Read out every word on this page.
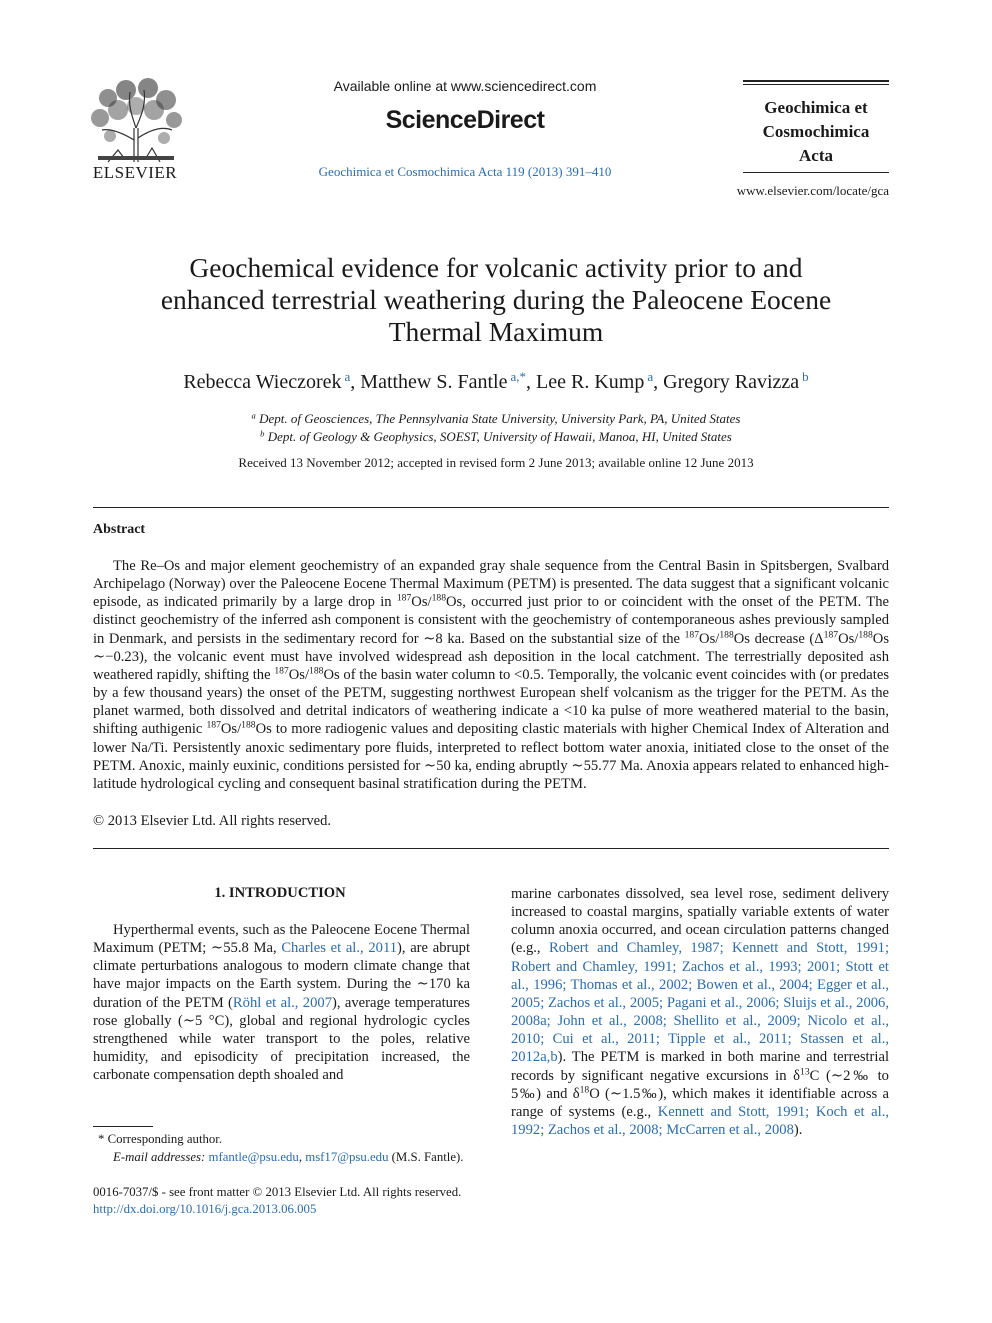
ELSEVIER
Available online at www.sciencedirect.com
ScienceDirect
Geochimica et Cosmochimica Acta 119 (2013) 391–410
Geochimica et
Cosmochimica
Acta
www.elsevier.com/locate/gca
Geochemical evidence for volcanic activity prior to and
enhanced terrestrial weathering during the Paleocene Eocene
Thermal Maximum
Rebecca Wieczorek $^a$, Matthew S. Fantle $^{a,*}$, Lee R. Kump $^a$, Gregory Ravizza $^b$
$^a$ Dept. of Geosciences, The Pennsylvania State University, University Park, PA, United States
$^b$ Dept. of Geology & Geophysics, SOEST, University of Hawaii, Manoa, HI, United States
Received 13 November 2012; accepted in revised form 2 June 2013; available online 12 June 2013
Abstract
The Re–Os and major element geochemistry of an expanded gray shale sequence from the Central Basin in Spitsbergen, Svalbard Archipelago (Norway) over the Paleocene Eocene Thermal Maximum (PETM) is presented. The data suggest that a significant volcanic episode, as indicated primarily by a large drop in $^{187}$Os/$^{188}$Os, occurred just prior to or coincident with the onset of the PETM. The distinct geochemistry of the inferred ash component is consistent with the geochemistry of contemporaneous ashes previously sampled in Denmark, and persists in the sedimentary record for ∼8 ka. Based on the substantial size of the $^{187}$Os/$^{188}$Os decrease ($\Delta^{187}Os/^{188}Os$ ∼−0.23), the volcanic event must have involved widespread ash deposition in the local catchment. The terrestrially deposited ash weathered rapidly, shifting the $^{187}$Os/$^{188}$Os of the basin water column to <0.5. Temporally, the volcanic event coincides with (or predates by a few thousand years) the onset of the PETM, suggesting northwest European shelf volcanism as the trigger for the PETM. As the planet warmed, both dissolved and detrital indicators of weathering indicate a <10 ka pulse of more weathered material to the basin, shifting authigenic $^{187}$Os/$^{188}$Os to more radiogenic values and depositing clastic materials with higher Chemical Index of Alteration and lower Na/Ti. Persistently anoxic sedimentary pore fluids, interpreted to reflect bottom water anoxia, initiated close to the onset of the PETM. Anoxic, mainly euxinic, conditions persisted for ∼50 ka, ending abruptly ∼55.77 Ma. Anoxia appears related to enhanced high-latitude hydrological cycling and consequent basinal stratification during the PETM.
© 2013 Elsevier Ltd. All rights reserved.
1. INTRODUCTION
Hyperthermal events, such as the Paleocene Eocene Thermal Maximum (PETM; ∼55.8 Ma, Charles et al., 2011), are abrupt climate perturbations analogous to modern climate change that have major impacts on the Earth system. During the ∼170 ka duration of the PETM (Röhl et al., 2007), average temperatures rose globally (∼5 °C), global and regional hydrologic cycles strengthened while water transport to the poles, relative humidity, and episodicity of precipitation increased, the carbonate compensation depth shoaled and
marine carbonates dissolved, sea level rose, sediment delivery increased to coastal margins, spatially variable extents of water column anoxia occurred, and ocean circulation patterns changed (e.g., Robert and Chamley, 1987; Kennett and Stott, 1991; Robert and Chamley, 1991; Zachos et al., 1993; 2001; Stott et al., 1996; Thomas et al., 2002; Bowen et al., 2004; Egger et al., 2005; Zachos et al., 2005; Pagani et al., 2006; Sluijs et al., 2006, 2008a; John et al., 2008; Shellito et al., 2009; Nicolo et al., 2010; Cui et al., 2011; Tipple et al., 2011; Stassen et al., 2012a,b). The PETM is marked in both marine and terrestrial records by significant negative excursions in $\delta^{13}C$ (∼2‰ to 5‰) and $\delta^{18}O$ (∼1.5‰), which makes it identifiable across a range of systems (e.g., Kennett and Stott, 1991; Koch et al., 1992; Zachos et al., 2008; McCarren et al., 2008).
* Corresponding author.
E-mail addresses: mfantle@psu.edu, msf17@psu.edu (M.S. Fantle).
0016-7037/$ - see front matter © 2013 Elsevier Ltd. All rights reserved.
http://dx.doi.org/10.1016/j.gca.2013.06.005
